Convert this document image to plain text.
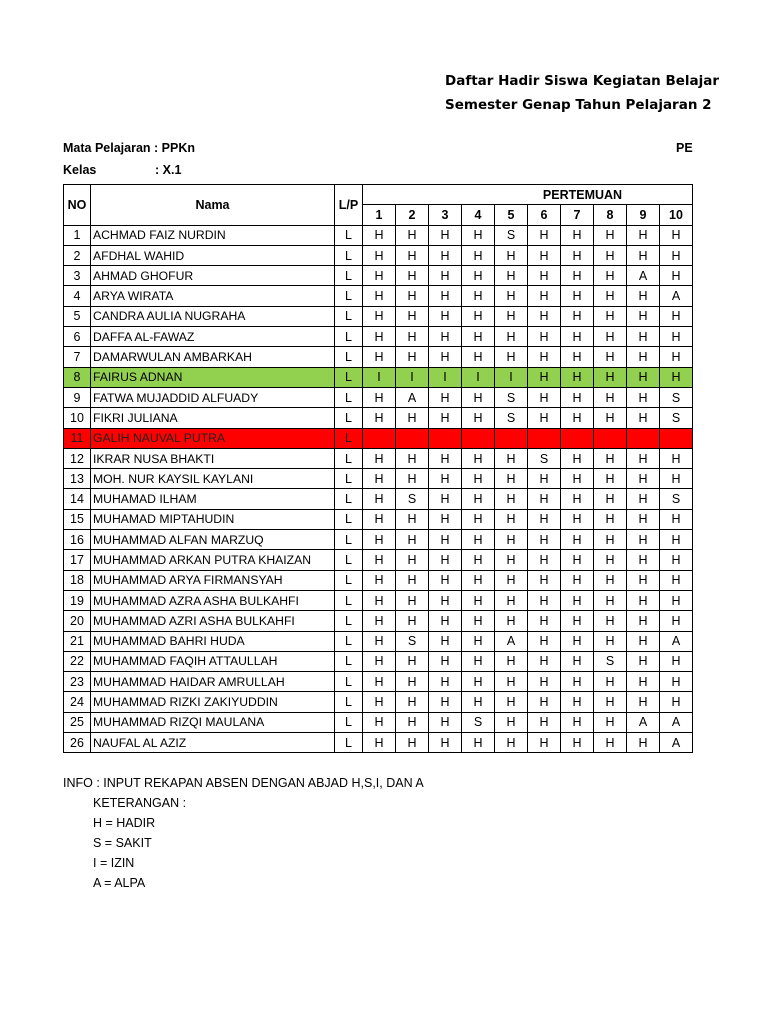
Daftar Hadir Siswa Kegiatan Belajar
Semester Genap Tahun Pelajaran 2
Mata Pelajaran : PPKn
Kelas	: X.1
PE
NO	Nama	L/P	PERTEMUAN									
			1	2	3	4	5	6	7	8	9	10
1	ACHMAD FAIZ NURDIN	L	H	H	H	H	S	H	H	H	H	H
2	AFDHAL WAHID	L	H	H	H	H	H	H	H	H	H	H
3	AHMAD GHOFUR	L	H	H	H	H	H	H	H	H	A	H
4	ARYA WIRATA	L	H	H	H	H	H	H	H	H	H	A
5	CANDRA AULIA NUGRAHA	L	H	H	H	H	H	H	H	H	H	H
6	DAFFA AL-FAWAZ	L	H	H	H	H	H	H	H	H	H	H
7	DAMARWULAN AMBARKAH	L	H	H	H	H	H	H	H	H	H	H
8	FAIRUS ADNAN	L	I	I	I	I	I	H	H	H	H	H
9	FATWA MUJADDID ALFUADY	L	H	A	H	H	S	H	H	H	H	S
10	FIKRI JULIANA	L	H	H	H	H	S	H	H	H	H	S
11	GALIH NAUVAL PUTRA	L										
12	IKRAR NUSA BHAKTI	L	H	H	H	H	H	S	H	H	H	H
13	MOH. NUR KAYSIL KAYLANI	L	H	H	H	H	H	H	H	H	H	H
14	MUHAMAD ILHAM	L	H	S	H	H	H	H	H	H	H	S
15	MUHAMAD MIPTAHUDIN	L	H	H	H	H	H	H	H	H	H	H
16	MUHAMMAD ALFAN MARZUQ	L	H	H	H	H	H	H	H	H	H	H
17	MUHAMMAD ARKAN PUTRA KHAIZAN	L	H	H	H	H	H	H	H	H	H	H
18	MUHAMMAD ARYA FIRMANSYAH	L	H	H	H	H	H	H	H	H	H	H
19	MUHAMMAD AZRA ASHA BULKAHFI	L	H	H	H	H	H	H	H	H	H	H
20	MUHAMMAD AZRI ASHA BULKAHFI	L	H	H	H	H	H	H	H	H	H	H
21	MUHAMMAD BAHRI HUDA	L	H	S	H	H	A	H	H	H	H	A
22	MUHAMMAD FAQIH ATTAULLAH	L	H	H	H	H	H	H	H	S	H	H
23	MUHAMMAD HAIDAR AMRULLAH	L	H	H	H	H	H	H	H	H	H	H
24	MUHAMMAD RIZKI ZAKIYUDDIN	L	H	H	H	H	H	H	H	H	H	H
25	MUHAMMAD RIZQI MAULANA	L	H	H	H	S	H	H	H	H	A	A
26	NAUFAL AL AZIZ	L	H	H	H	H	H	H	H	H	H	A
INFO : INPUT REKAPAN ABSEN DENGAN ABJAD H,S,I, DAN A
KETERANGAN :
H = HADIR
S = SAKIT
I = IZIN
A = ALPA
